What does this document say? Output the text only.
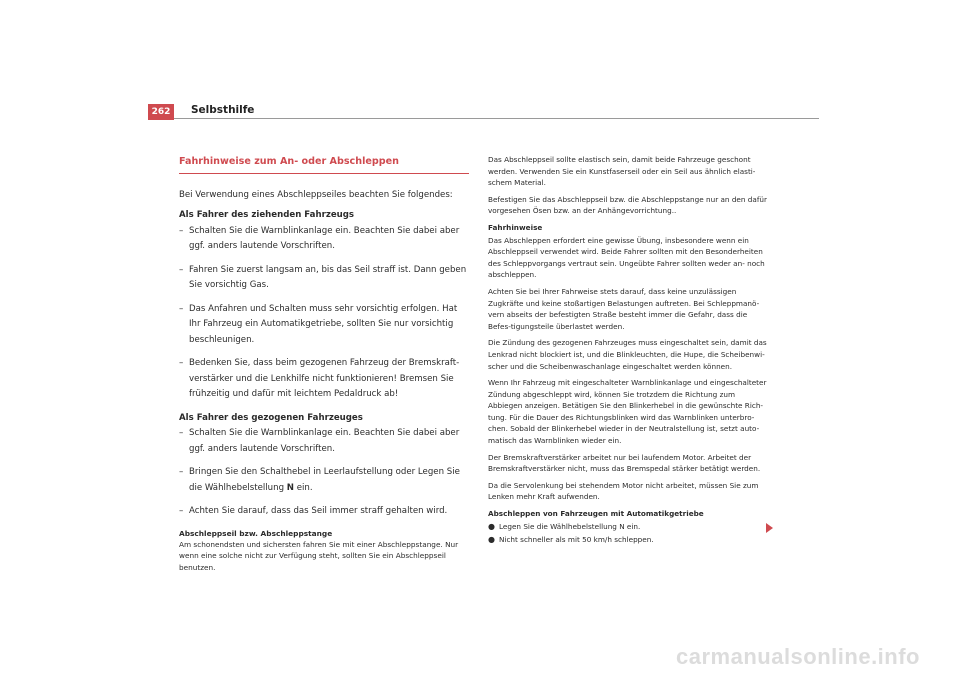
262	Selbsthilfe
Fahrhinweise zum An- oder Abschleppen

Bei Verwendung eines Abschleppseiles beachten Sie folgendes:

Als Fahrer des ziehenden Fahrzeugs

– Schalten Sie die Warnblinkanlage ein. Beachten Sie dabei aber ggf. anders lautende Vorschriften.
– Fahren Sie zuerst langsam an, bis das Seil straff ist. Dann geben Sie vorsichtig Gas.
– Das Anfahren und Schalten muss sehr vorsichtig erfolgen. Hat Ihr Fahrzeug ein Automatikgetriebe, sollten Sie nur vorsichtig beschleunigen.
– Bedenken Sie, dass beim gezogenen Fahrzeug der Bremskraft-verstärker und die Lenkhilfe nicht funktionieren! Bremsen Sie frühzeitig und dafür mit leichtem Pedaldruck ab!

Als Fahrer des gezogenen Fahrzeuges

– Schalten Sie die Warnblinkanlage ein. Beachten Sie dabei aber ggf. anders lautende Vorschriften.
– Bringen Sie den Schalthebel in Leerlaufstellung oder Legen Sie die Wählhebelstellung N ein.
– Achten Sie darauf, dass das Seil immer straff gehalten wird.
Abschleppseil bzw. Abschleppstange

Am schonendsten und sichersten fahren Sie mit einer Abschleppstange. Nur wenn eine solche nicht zur Verfügung steht, sollten Sie ein Abschleppseil benutzen.

Das Abschleppseil sollte elastisch sein, damit beide Fahrzeuge geschont werden. Verwenden Sie ein Kunstfaserseil oder ein Seil aus ähnlich elasti-schem Material.

Befestigen Sie das Abschleppseil bzw. die Abschleppstange nur an den dafür vorgesehen Ösen bzw. an der Anhängevorrichtung..

Fahrhinweise

Das Abschleppen erfordert eine gewisse Übung, insbesondere wenn ein Abschleppseil verwendet wird. Beide Fahrer sollten mit den Besonderheiten des Schleppvorgangs vertraut sein. Ungeübte Fahrer sollten weder an- noch abschleppen.

Achten Sie bei Ihrer Fahrweise stets darauf, dass keine unzulässigen Zugkräfte und keine stoßartigen Belastungen auftreten. Bei Schleppmanö-vern abseits der befestigten Straße besteht immer die Gefahr, dass die Befes-tigungsteile überlastet werden.

Die Zündung des gezogenen Fahrzeuges muss eingeschaltet sein, damit das Lenkrad nicht blockiert ist, und die Blinkleuchten, die Hupe, die Scheibenwi-scher und die Scheibenwaschanlage eingeschaltet werden können.

Wenn Ihr Fahrzeug mit eingeschalteter Warnblinkanlage und eingeschalteter Zündung abgeschleppt wird, können Sie trotzdem die Richtung zum Abbiegen anzeigen. Betätigen Sie den Blinkerhebel in die gewünschte Rich-tung. Für die Dauer des Richtungsblinken wird das Warnblinken unterbro-chen. Sobald der Blinkerhebel wieder in der Neutralstellung ist, setzt auto-matisch das Warnblinken wieder ein.

Der Bremskraftverstärker arbeitet nur bei laufendem Motor. Arbeitet der Bremskraftverstärker nicht, muss das Bremspedal stärker betätigt werden.

Da die Servolenkung bei stehendem Motor nicht arbeitet, müssen Sie zum Lenken mehr Kraft aufwenden.

Abschleppen von Fahrzeugen mit Automatikgetriebe

● Legen Sie die Wählhebelstellung N ein.
● Nicht schneller als mit 50 km/h schleppen.
carmanualsonline.info
